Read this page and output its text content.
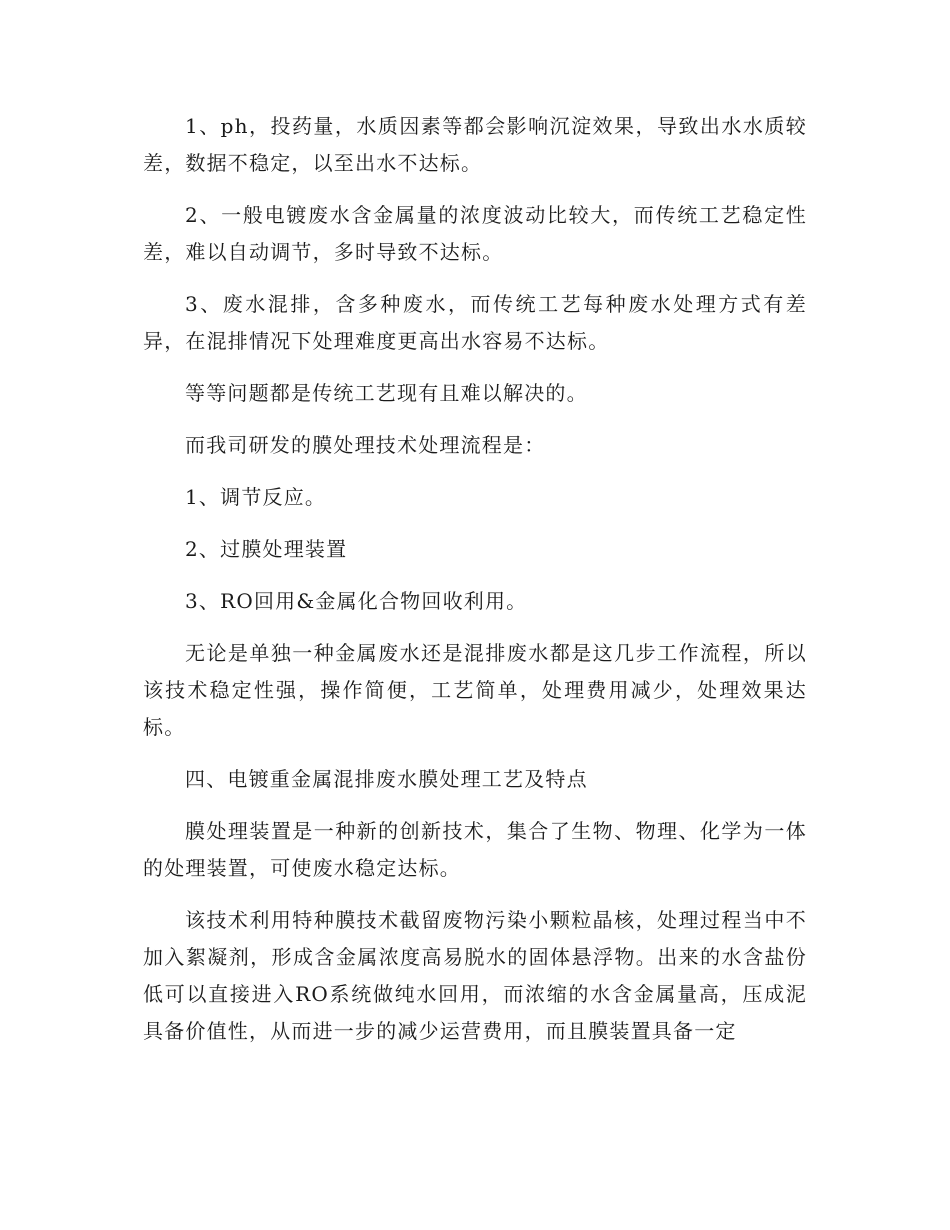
1、ph，投药量，水质因素等都会影响沉淀效果，导致出水水质较差，数据不稳定，以至出水不达标。

2、一般电镀废水含金属量的浓度波动比较大，而传统工艺稳定性差，难以自动调节，多时导致不达标。

3、废水混排，含多种废水，而传统工艺每种废水处理方式有差异，在混排情况下处理难度更高出水容易不达标。

等等问题都是传统工艺现有且难以解决的。

而我司研发的膜处理技术处理流程是：

1、调节反应。

2、过膜处理装置

3、RO回用&金属化合物回收利用。

无论是单独一种金属废水还是混排废水都是这几步工作流程，所以该技术稳定性强，操作简便，工艺简单，处理费用减少，处理效果达标。

四、电镀重金属混排废水膜处理工艺及特点

膜处理装置是一种新的创新技术，集合了生物、物理、化学为一体的处理装置，可使废水稳定达标。

该技术利用特种膜技术截留废物污染小颗粒晶核，处理过程当中不加入絮凝剂，形成含金属浓度高易脱水的固体悬浮物。出来的水含盐份低可以直接进入RO系统做纯水回用，而浓缩的水含金属量高，压成泥具备价值性，从而进一步的减少运营费用，而且膜装置具备一定
